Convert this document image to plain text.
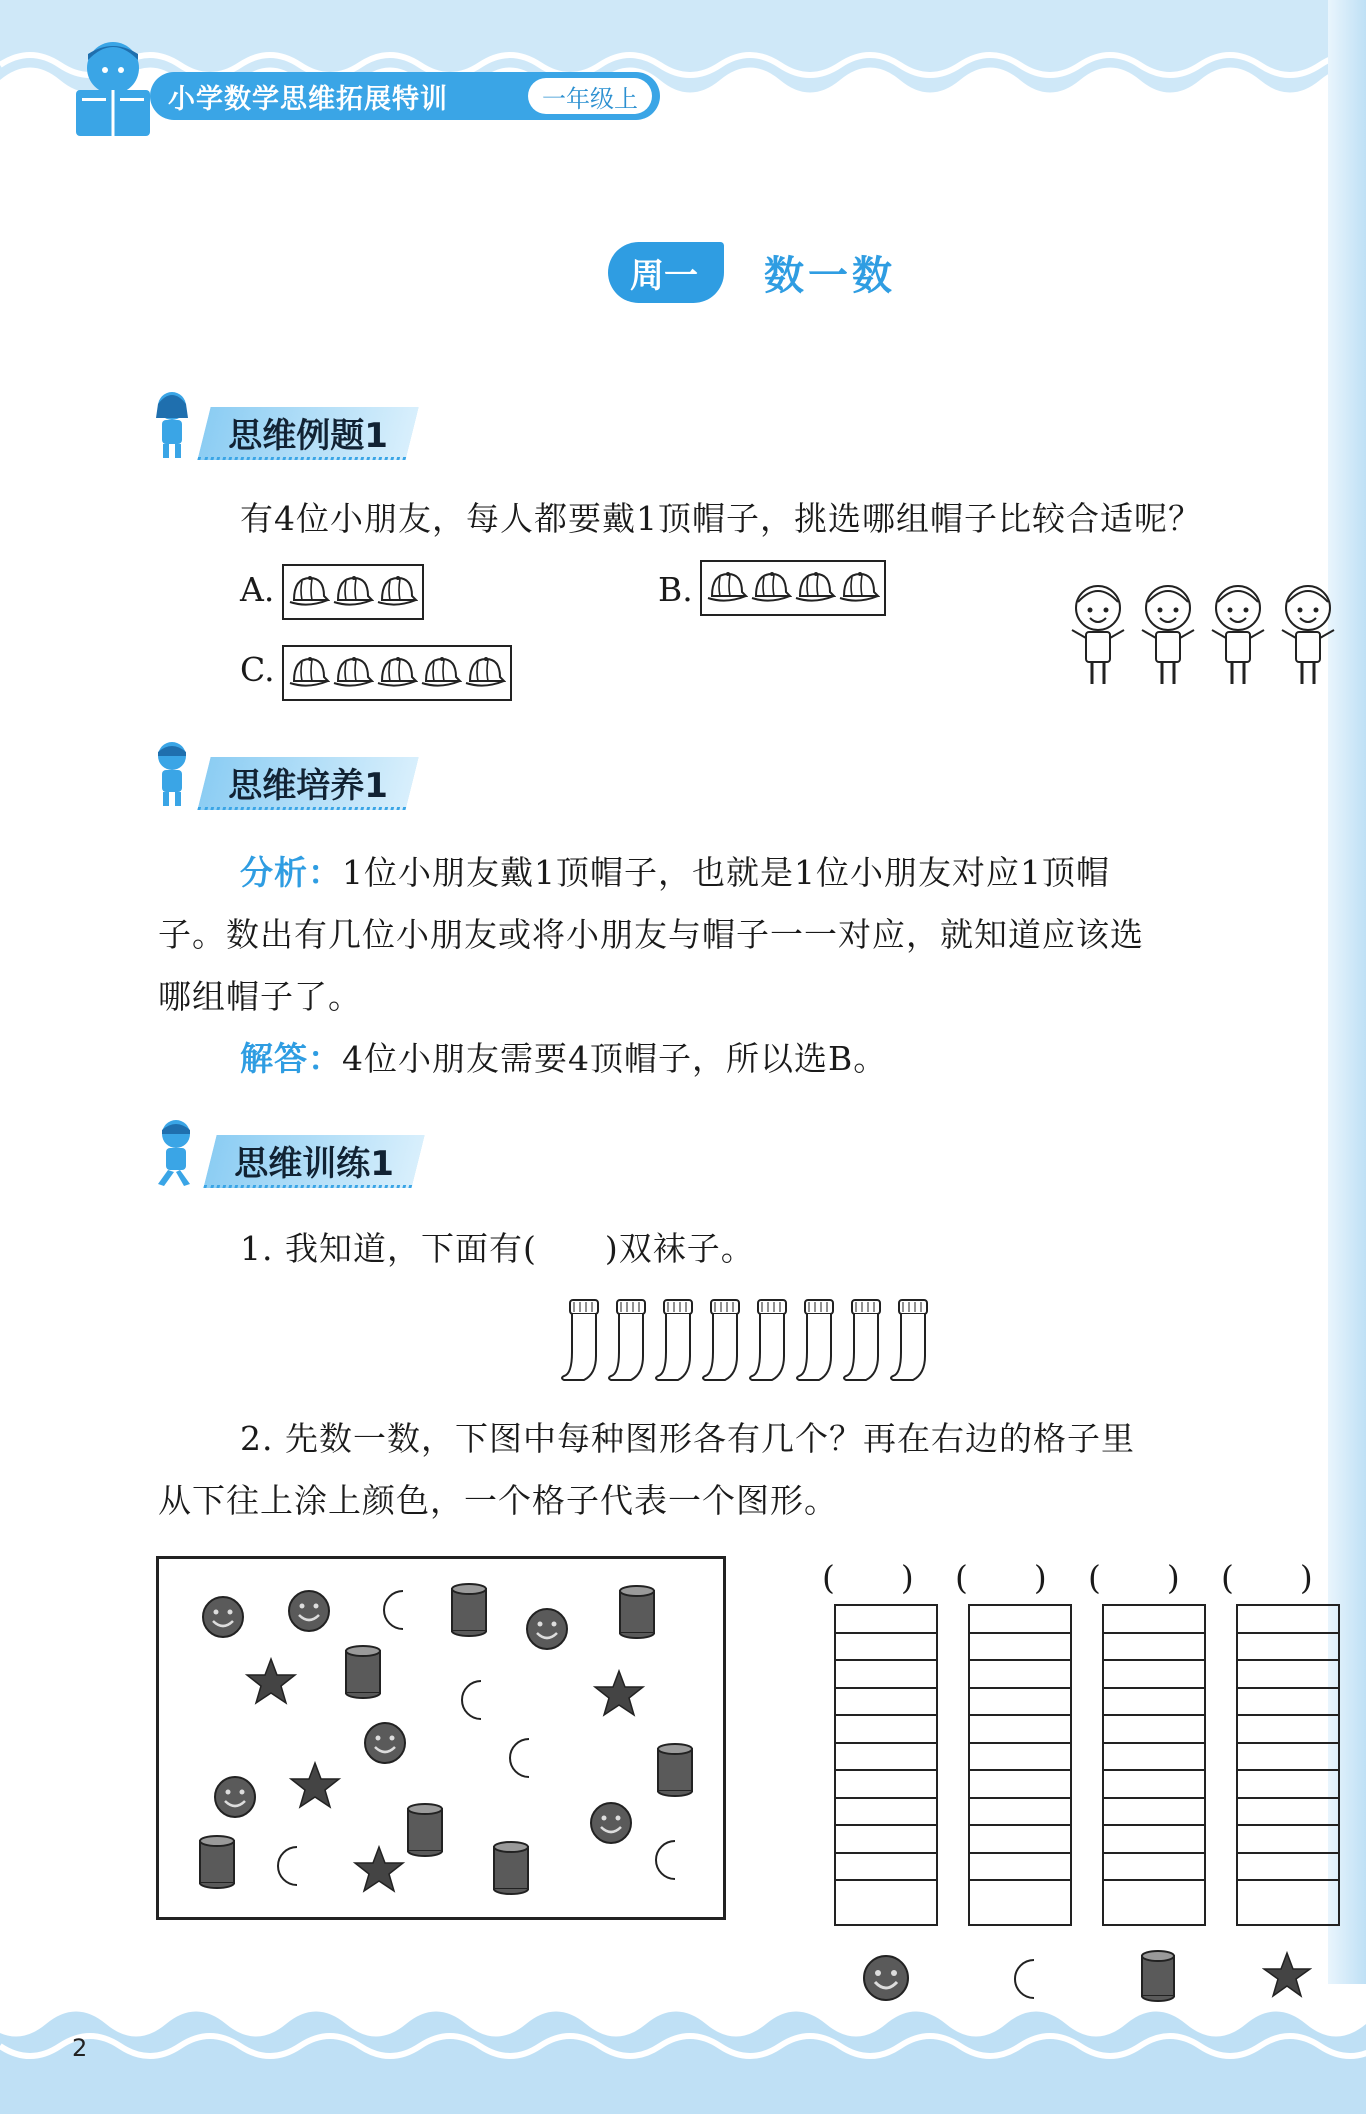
小学数学思维拓展特训	一年级上
周一	数一数
思维例题1
有4位小朋友，每人都要戴1顶帽子，挑选哪组帽子比较合适呢？
A.	B.
C.
思维培养1
分析：1位小朋友戴1顶帽子，也就是1位小朋友对应1顶帽
子。数出有几位小朋友或将小朋友与帽子一一对应，就知道应该选
哪组帽子了。
解答：4位小朋友需要4顶帽子，所以选B。
思维训练1
1. 我知道，下面有(　　)双袜子。
2. 先数一数，下图中每种图形各有几个？再在右边的格子里
从下往上涂上颜色，一个格子代表一个图形。
(　　) (　　) (　　) (　　)
2
